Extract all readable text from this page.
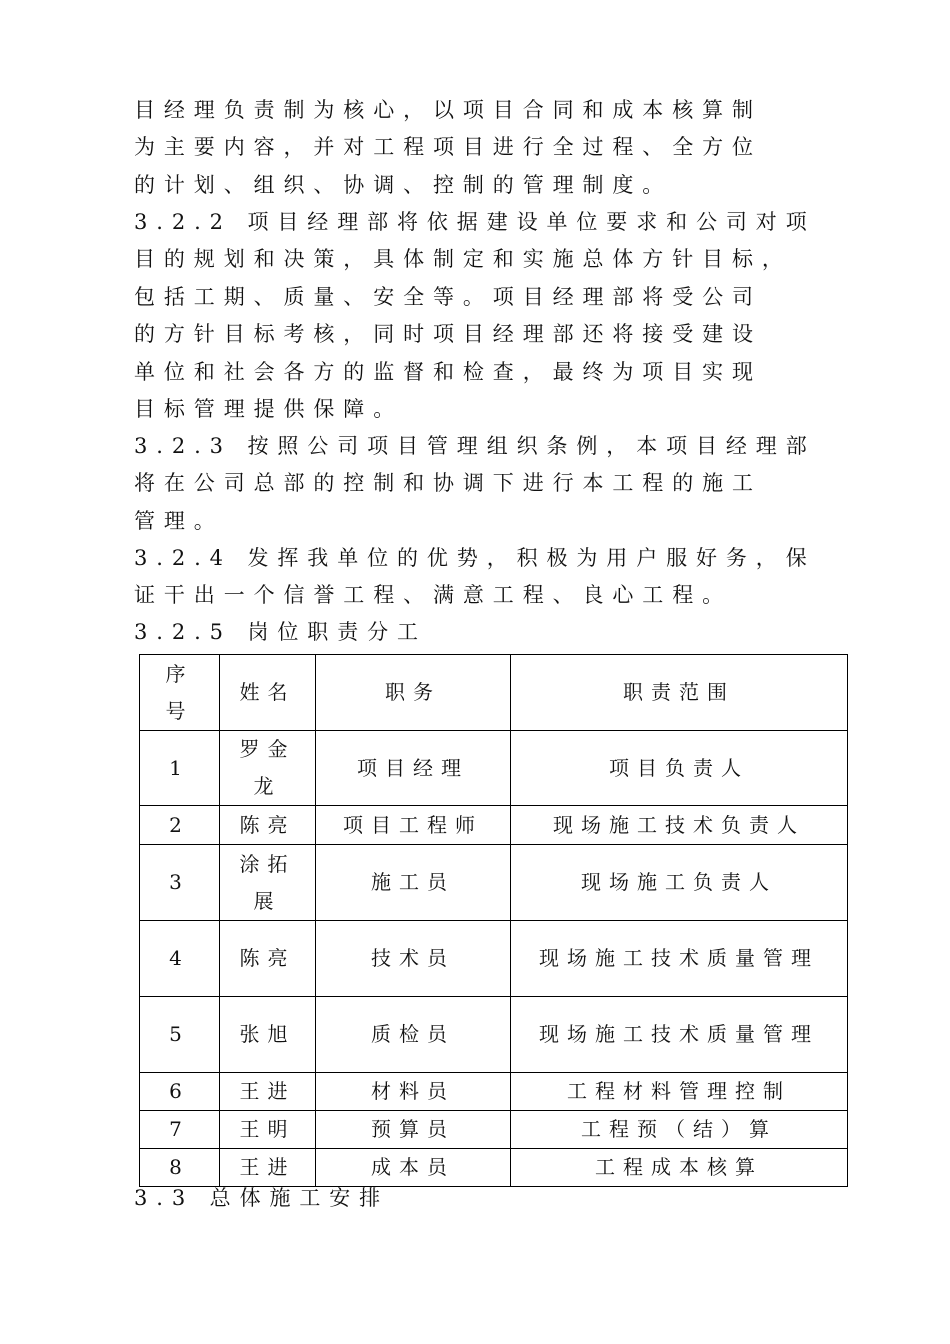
目经理负责制为核心，以项目合同和成本核算制
为主要内容，并对工程项目进行全过程、全方位
的计划、组织、协调、控制的管理制度。
3.2.2 项目经理部将依据建设单位要求和公司对项
目的规划和决策，具体制定和实施总体方针目标，
包括工期、质量、安全等。项目经理部将受公司
的方针目标考核，同时项目经理部还将接受建设
单位和社会各方的监督和检查，最终为项目实现
目标管理提供保障。
3.2.3 按照公司项目管理组织条例，本项目经理部
将在公司总部的控制和协调下进行本工程的施工
管理。
3.2.4 发挥我单位的优势，积极为用户服好务，保
证干出一个信誉工程、满意工程、良心工程。
3.2.5 岗位职责分工
序号	姓名	职务	职责范围
1	罗金龙	项目经理	项目负责人
2	陈亮	项目工程师	现场施工技术负责人
3	涂拓展	施工员	现场施工负责人
4	陈亮	技术员	现场施工技术质量管理
5	张旭	质检员	现场施工技术质量管理
6	王进	材料员	工程材料管理控制
7	王明	预算员	工程预（结）算
8	王进	成本员	工程成本核算
3.3 总体施工安排
